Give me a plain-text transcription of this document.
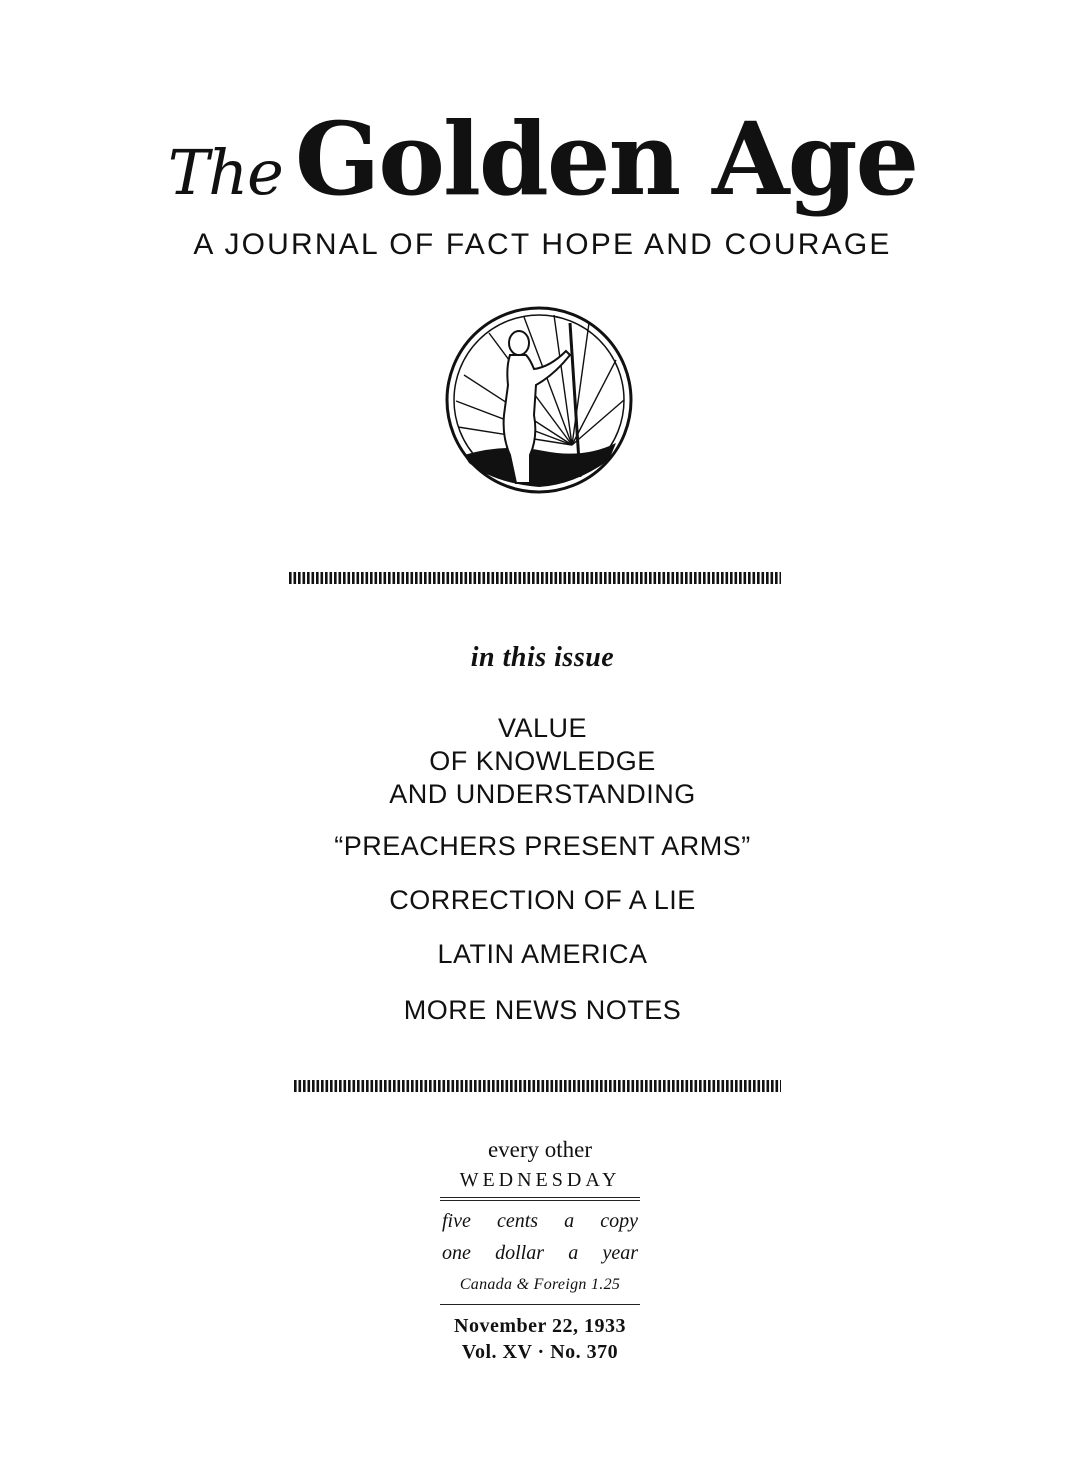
The Golden Age
A JOURNAL OF FACT HOPE AND COURAGE
in this issue
VALUE
OF KNOWLEDGE
AND UNDERSTANDING
“PREACHERS PRESENT ARMS”
CORRECTION OF A LIE
LATIN AMERICA
MORE NEWS NOTES
every other
WEDNESDAY
five cents a copy
one dollar a year
Canada & Foreign 1.25
November 22, 1933
Vol. XV · No. 370
